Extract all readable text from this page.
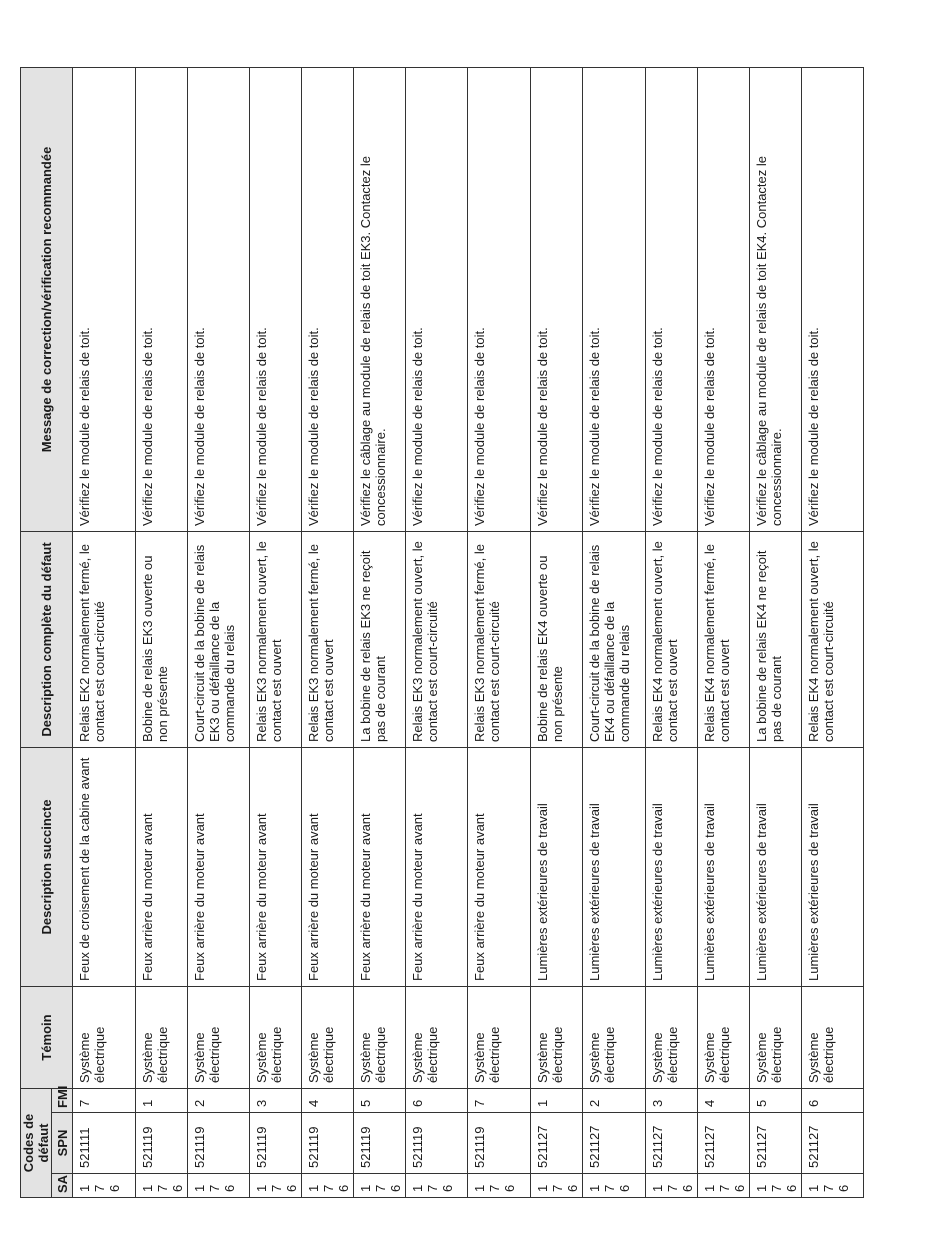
Codes de défaut			Témoin	Description succincte	Description complète du défaut	Message de correction/vérification recommandée
SA	SPN	FMI				
176	521111	7	Système électrique	Feux de croisement de la cabine avant	Relais EK2 normalement fermé, le contact est court-circuité	Vérifiez le module de relais de toit.
176	521119	1	Système électrique	Feux arrière du moteur avant	Bobine de relais EK3 ouverte ou non présente	Vérifiez le module de relais de toit.
176	521119	2	Système électrique	Feux arrière du moteur avant	Court-circuit de la bobine de relais EK3 ou défaillance de la commande du relais	Vérifiez le module de relais de toit.
176	521119	3	Système électrique	Feux arrière du moteur avant	Relais EK3 normalement ouvert, le contact est ouvert	Vérifiez le module de relais de toit.
176	521119	4	Système électrique	Feux arrière du moteur avant	Relais EK3 normalement fermé, le contact est ouvert	Vérifiez le module de relais de toit.
176	521119	5	Système électrique	Feux arrière du moteur avant	La bobine de relais EK3 ne reçoit pas de courant	Vérifiez le câblage au module de relais de toit EK3. Contactez le concessionnaire.
176	521119	6	Système électrique	Feux arrière du moteur avant	Relais EK3 normalement ouvert, le contact est court-circuité	Vérifiez le module de relais de toit.
176	521119	7	Système électrique	Feux arrière du moteur avant	Relais EK3 normalement fermé, le contact est court-circuité	Vérifiez le module de relais de toit.
176	521127	1	Système électrique	Lumières extérieures de travail	Bobine de relais EK4 ouverte ou non présente	Vérifiez le module de relais de toit.
176	521127	2	Système électrique	Lumières extérieures de travail	Court-circuit de la bobine de relais EK4 ou défaillance de la commande du relais	Vérifiez le module de relais de toit.
176	521127	3	Système électrique	Lumières extérieures de travail	Relais EK4 normalement ouvert, le contact est ouvert	Vérifiez le module de relais de toit.
176	521127	4	Système électrique	Lumières extérieures de travail	Relais EK4 normalement fermé, le contact est ouvert	Vérifiez le module de relais de toit.
176	521127	5	Système électrique	Lumières extérieures de travail	La bobine de relais EK4 ne reçoit pas de courant	Vérifiez le câblage au module de relais de toit EK4. Contactez le concessionnaire.
176	521127	6	Système électrique	Lumières extérieures de travail	Relais EK4 normalement ouvert, le contact est court-circuité	Vérifiez le module de relais de toit.
